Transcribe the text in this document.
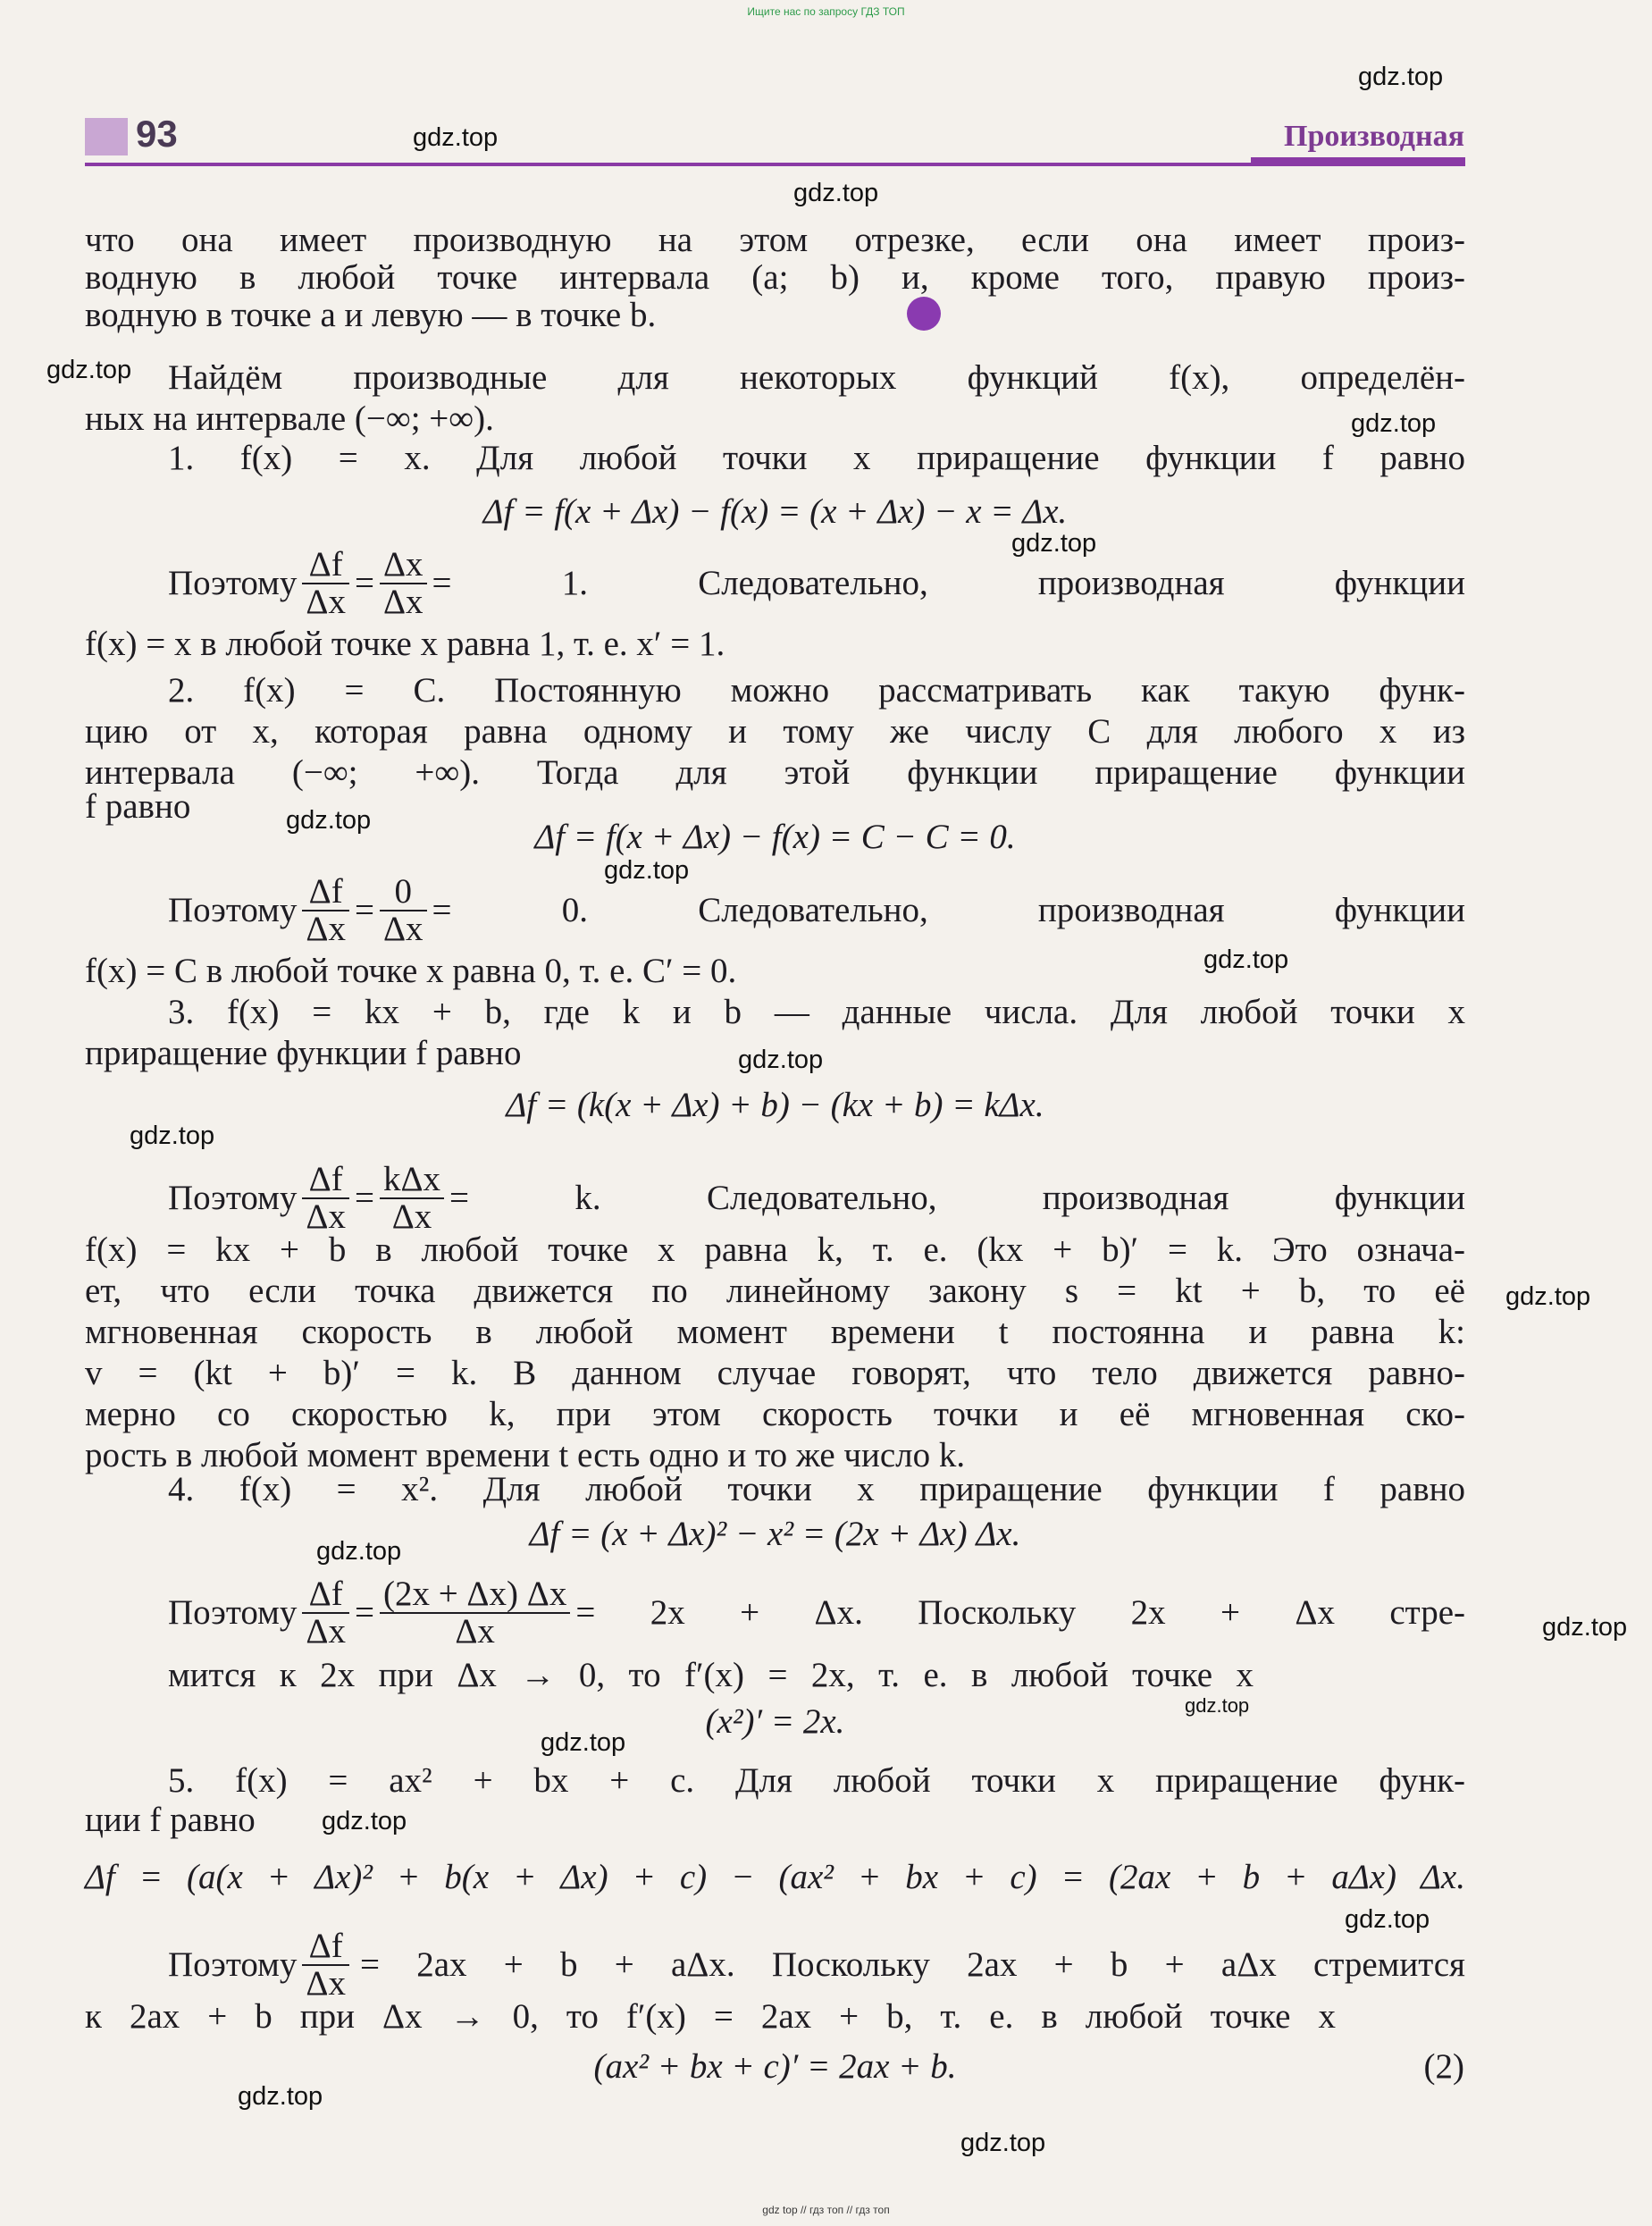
Ищите нас по запросу ГДЗ ТОП
gdz.top
gdz.top
gdz.top
gdz.top
gdz.top
gdz.top
gdz.top
gdz.top
gdz.top
gdz.top
gdz.top
gdz.top
gdz.top
gdz.top
gdz.top
gdz.top
gdz.top
gdz.top
gdz.top
gdz.top
93	Производная
что она имеет производную на этом отрезке, если она имеет произ-
водную в любой точке интервала (a; b) и, кроме того, правую произ-
водную в точке a и левую — в точке b.
Найдём производные для некоторых функций f(x), определён-
ных на интервале (−∞; +∞).
1. f(x) = x. Для любой точки x приращение функции f равно
Δf = f(x + Δx) − f(x) = (x + Δx) − x = Δx.
Поэтому $\frac{\Delta f}{\Delta x} = \frac{\Delta x}{\Delta x} = 1$. Следовательно, производная функции
f(x) = x в любой точке x равна 1, т. е. x′ = 1.
2. f(x) = C. Постоянную можно рассматривать как такую функ-
цию от x, которая равна одному и тому же числу C для любого x из
интервала (−∞; +∞). Тогда для этой функции приращение функции
f равно
Δf = f(x + Δx) − f(x) = C − C = 0.
Поэтому $\frac{\Delta f}{\Delta x} = \frac{0}{\Delta x} = 0$. Следовательно, производная функции
f(x) = C в любой точке x равна 0, т. е. C′ = 0.
3. f(x) = kx + b, где k и b — данные числа. Для любой точки x
приращение функции f равно
Δf = (k(x + Δx) + b) − (kx + b) = kΔx.
Поэтому $\frac{\Delta f}{\Delta x} = \frac{\text{kΔx}}{\Delta x} = k$. Следовательно, производная функции
f(x) = kx + b в любой точке x равна k, т. е. (kx + b)′ = k. Это означа-
ет, что если точка движется по линейному закону s = kt + b, то её
мгновенная скорость в любой момент времени t постоянна и равна k:
v = (kt + b)′ = k. В данном случае говорят, что тело движется равно-
мерно со скоростью k, при этом скорость точки и её мгновенная ско-
рость в любой момент времени t есть одно и то же число k.
4. f(x) = x². Для любой точки x приращение функции f равно
Δf = (x + Δx)² − x² = (2x + Δx) Δx.
Поэтому $\frac{\Delta f}{\Delta x} = \frac{(2x + \Delta x) \Delta x}{\Delta x} = 2x + \Delta x$. Поскольку 2x + Δx стре-
мится к 2x при Δx → 0, то f′(x) = 2x, т. е. в любой точке x
(x²)′ = 2x.
5. f(x) = ax² + bx + c. Для любой точки x приращение функ-
ции f равно
Δf = (a(x + Δx)² + b(x + Δx) + c) − (ax² + bx + c) = (2ax + b + aΔx) Δx.
Поэтому $\frac{\Delta f}{\Delta x} = 2ax + b + a\Delta x$. Поскольку 2ax + b + aΔx стремится
к 2ax + b при Δx → 0, то f′(x) = 2ax + b, т. е. в любой точке x
(ax² + bx + c)′ = 2ax + b.	(2)
gdz top // гдз топ // гдз топ
